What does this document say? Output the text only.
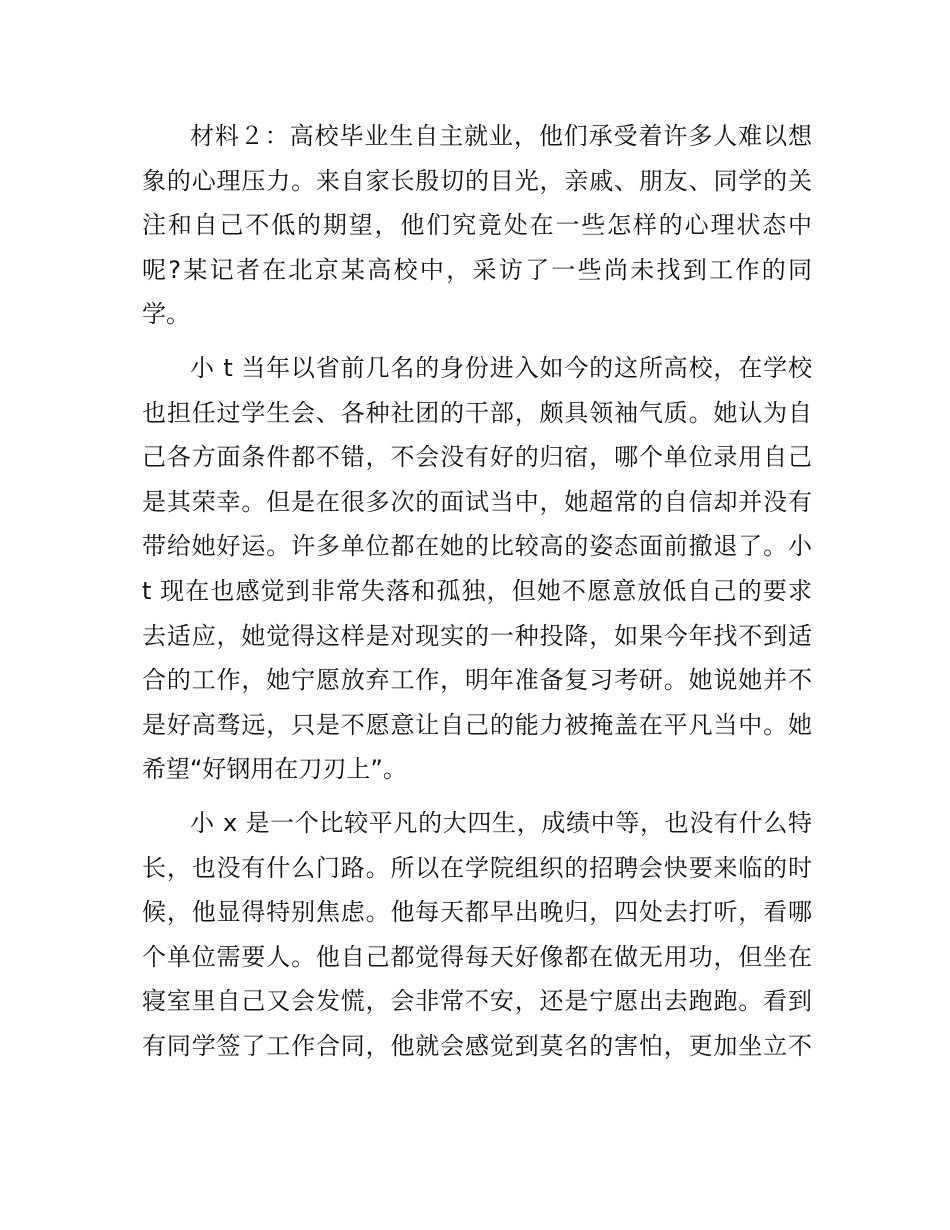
材料２：高校毕业生自主就业，他们承受着许多人难以想
象的心理压力。来自家长殷切的目光，亲戚、朋友、同学的关
注和自己不低的期望，他们究竟处在一些怎样的心理状态中
呢?某记者在北京某高校中，采访了一些尚未找到工作的同
学。
小 t 当年以省前几名的身份进入如今的这所高校，在学校
也担任过学生会、各种社团的干部，颇具领袖气质。她认为自
己各方面条件都不错，不会没有好的归宿，哪个单位录用自己
是其荣幸。但是在很多次的面试当中，她超常的自信却并没有
带给她好运。许多单位都在她的比较高的姿态面前撤退了。小
t 现在也感觉到非常失落和孤独，但她不愿意放低自己的要求
去适应，她觉得这样是对现实的一种投降，如果今年找不到适
合的工作，她宁愿放弃工作，明年准备复习考研。她说她并不
是好高骛远，只是不愿意让自己的能力被掩盖在平凡当中。她
希望“好钢用在刀刃上”。
小 x 是一个比较平凡的大四生，成绩中等，也没有什么特
长，也没有什么门路。所以在学院组织的招聘会快要来临的时
候，他显得特别焦虑。他每天都早出晚归，四处去打听，看哪
个单位需要人。他自己都觉得每天好像都在做无用功，但坐在
寝室里自己又会发慌，会非常不安，还是宁愿出去跑跑。看到
有同学签了工作合同，他就会感觉到莫名的害怕，更加坐立不
